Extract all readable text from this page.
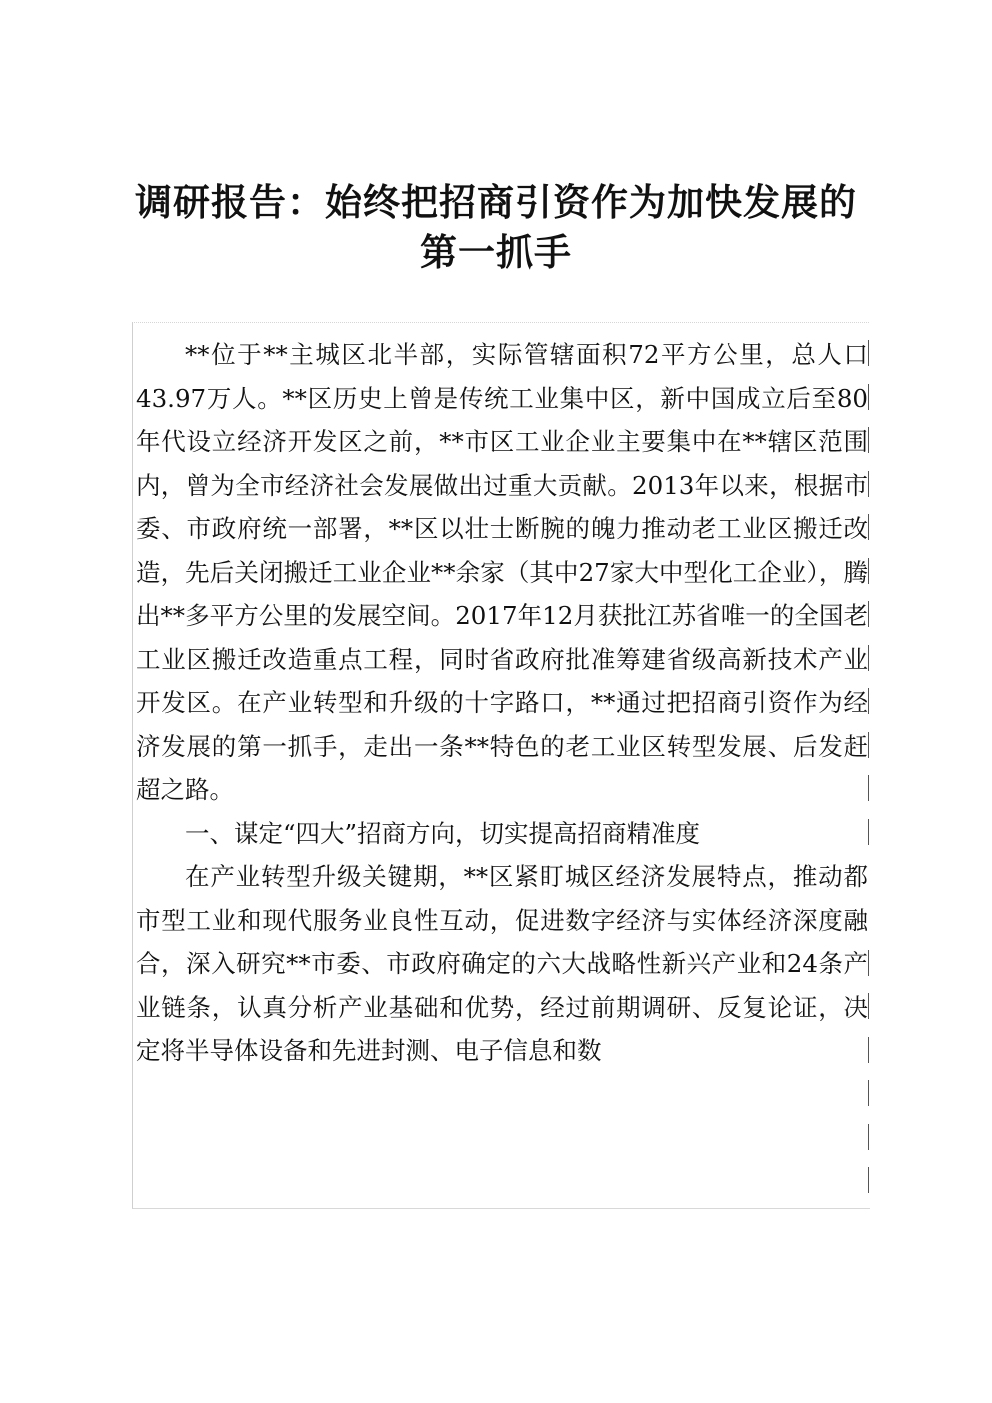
调研报告：始终把招商引资作为加快发展的
第一抓手

**位于**主城区北半部，实际管辖面积72平方公里，总人口43.97万人。**区历史上曾是传统工业集中区，新中国成立后至80年代设立经济开发区之前，**市区工业企业主要集中在**辖区范围内，曾为全市经济社会发展做出过重大贡献。2013年以来，根据市委、市政府统一部署，**区以壮士断腕的魄力推动老工业区搬迁改造，先后关闭搬迁工业企业**余家（其中27家大中型化工企业），腾出**多平方公里的发展空间。2017年12月获批江苏省唯一的全国老工业区搬迁改造重点工程，同时省政府批准筹建省级高新技术产业开发区。在产业转型和升级的十字路口，**通过把招商引资作为经济发展的第一抓手，走出一条**特色的老工业区转型发展、后发赶超之路。

一、谋定“四大”招商方向，切实提高招商精准度

在产业转型升级关键期，**区紧盯城区经济发展特点，推动都市型工业和现代服务业良性互动，促进数字经济与实体经济深度融合，深入研究**市委、市政府确定的六大战略性新兴产业和24条产业链条，认真分析产业基础和优势，经过前期调研、反复论证，决定将半导体设备和先进封测、电子信息和数
